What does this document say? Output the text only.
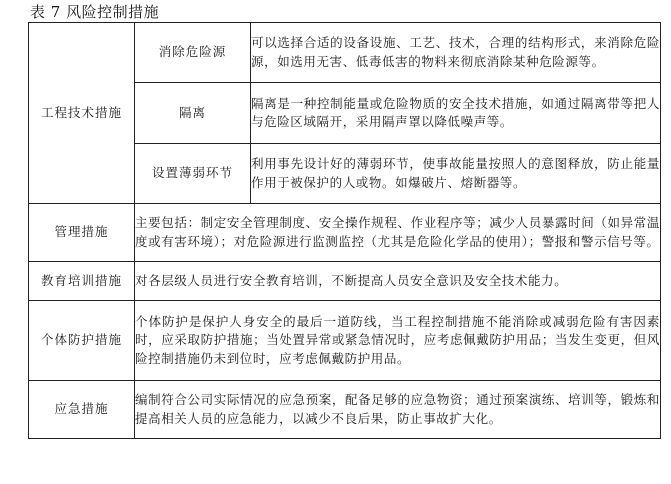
表 7 风险控制措施
工程技术措施	消除危险源	可以选择合适的设备设施、工艺、技术，合理的结构形式，来消除危险源，如选用无害、低毒低害的物料来彻底消除某种危险源等。
	隔离	隔离是一种控制能量或危险物质的安全技术措施，如通过隔离带等把人与危险区域隔开，采用隔声罩以降低噪声等。
	设置薄弱环节	利用事先设计好的薄弱环节，使事故能量按照人的意图释放，防止能量作用于被保护的人或物。如爆破片、熔断器等。
管理措施	主要包括：制定安全管理制度、安全操作规程、作业程序等；减少人员暴露时间（如异常温度或有害环境）；对危险源进行监测监控（尤其是危险化学品的使用）；警报和警示信号等。	
教育培训措施	对各层级人员进行安全教育培训，不断提高人员安全意识及安全技术能力。	
个体防护措施	个体防护是保护人身安全的最后一道防线，当工程控制措施不能消除或减弱危险有害因素时，应采取防护措施；当处置异常或紧急情况时，应考虑佩戴防护用品；当发生变更，但风险控制措施仍未到位时，应考虑佩戴防护用品。	
应急措施	编制符合公司实际情况的应急预案，配备足够的应急物资；通过预案演练、培训等，锻炼和提高相关人员的应急能力，以减少不良后果，防止事故扩大化。	
